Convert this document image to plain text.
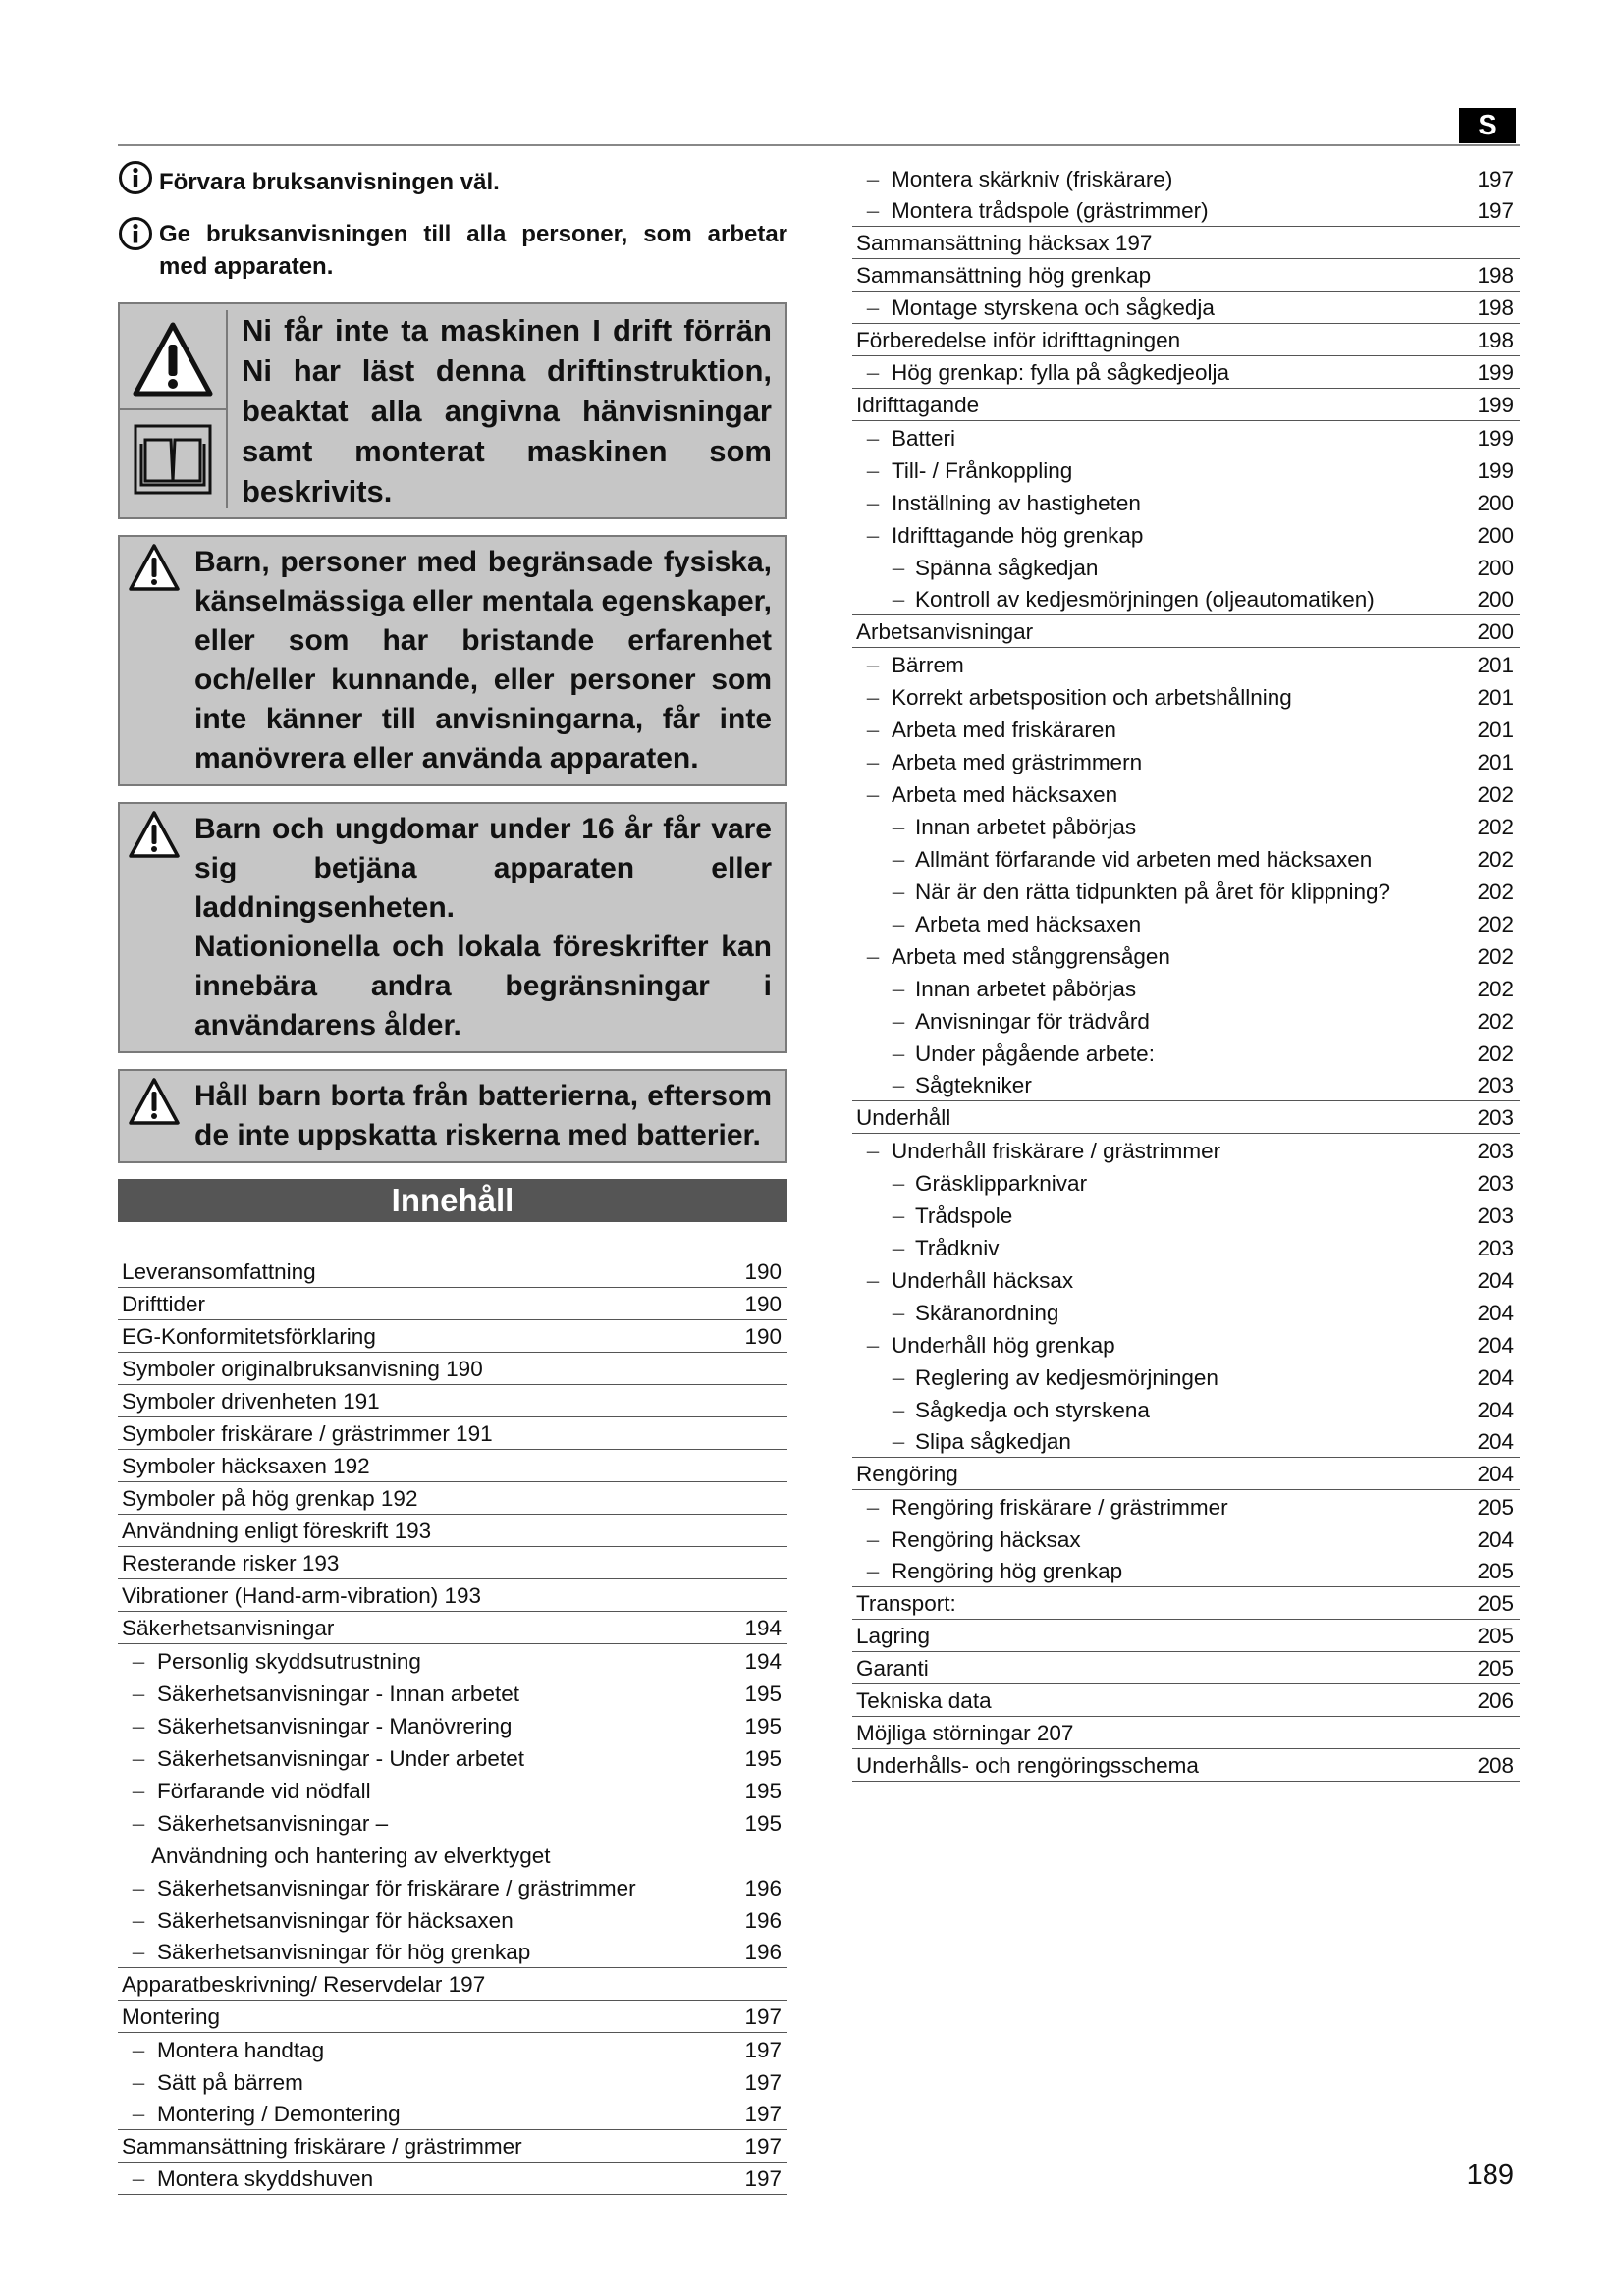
S
Förvara bruksanvisningen väl.
Ge bruksanvisningen till alla personer, som arbetar med apparaten.
Ni får inte ta maskinen I drift förrän Ni har läst denna driftinstruktion, beaktat alla angivna hänvisningar samt monterat maskinen som beskrivits.
Barn, personer med begränsade fysiska, känselmässiga eller mentala egenskaper, eller som har bristande erfarenhet och/eller kunnande, eller personer som inte känner till anvisningarna, får inte manövrera eller använda apparaten.
Barn och ungdomar under 16 år får vare sig betjäna apparaten eller laddningsenheten.
Nationionella och lokala föreskrifter kan innebära andra begränsningar i användarens ålder.
Håll barn borta från batterierna, eftersom de inte uppskatta riskerna med batterier.
Innehåll
Leveransomfattning	190
Drifttider	190
EG-Konformitetsförklaring	190
Symboler originalbruksanvisning 190
Symboler drivenheten 191
Symboler friskärare / grästrimmer 191
Symboler häcksaxen 192
Symboler på hög grenkap 192
Användning enligt föreskrift 193
Resterande risker 193
Vibrationer (Hand-arm-vibration) 193
Säkerhetsanvisningar	194
– Personlig skyddsutrustning	194
– Säkerhetsanvisningar - Innan arbetet	195
– Säkerhetsanvisningar - Manövrering	195
– Säkerhetsanvisningar - Under arbetet	195
– Förfarande vid nödfall	195
– Säkerhetsanvisningar –	195
Användning och hantering av elverktyget
– Säkerhetsanvisningar för friskärare / grästrimmer	196
– Säkerhetsanvisningar för häcksaxen	196
– Säkerhetsanvisningar för hög grenkap	196
Apparatbeskrivning/ Reservdelar 197
Montering	197
– Montera handtag	197
– Sätt på bärrem	197
– Montering / Demontering	197
Sammansättning friskärare / grästrimmer	197
– Montera skyddshuven	197
– Montera skärkniv (friskärare)	197
– Montera trådspole (grästrimmer)	197
Sammansättning häcksax 197
Sammansättning hög grenkap	198
– Montage styrskena och sågkedja	198
Förberedelse inför idrifttagningen	198
– Hög grenkap: fylla på sågkedjeolja	199
Idrifttagande	199
– Batteri	199
– Till- / Frånkoppling	199
– Inställning av hastigheten	200
– Idrifttagande hög grenkap	200
– Spänna sågkedjan	200
– Kontroll av kedjesmörjningen (oljeautomatiken)	200
Arbetsanvisningar	200
– Bärrem	201
– Korrekt arbetsposition och arbetshållning	201
– Arbeta med friskäraren	201
– Arbeta med grästrimmern	201
– Arbeta med häcksaxen	202
– Innan arbetet påbörjas	202
– Allmänt förfarande vid arbeten med häcksaxen	202
– När är den rätta tidpunkten på året för klippning?	202
– Arbeta med häcksaxen	202
– Arbeta med stånggrensågen	202
– Innan arbetet påbörjas	202
– Anvisningar för trädvård	202
– Under pågående arbete:	202
– Sågtekniker	203
Underhåll	203
– Underhåll friskärare / grästrimmer	203
– Gräsklipparknivar	203
– Trådspole	203
– Trådkniv	203
– Underhåll häcksax	204
– Skäranordning	204
– Underhåll hög grenkap	204
– Reglering av kedjesmörjningen	204
– Sågkedja och styrskena	204
– Slipa sågkedjan	204
Rengöring	204
– Rengöring friskärare / grästrimmer	205
– Rengöring häcksax	204
– Rengöring hög grenkap	205
Transport:	205
Lagring	205
Garanti	205
Tekniska data	206
Möjliga störningar 207
Underhålls- och rengöringsschema	208
189
